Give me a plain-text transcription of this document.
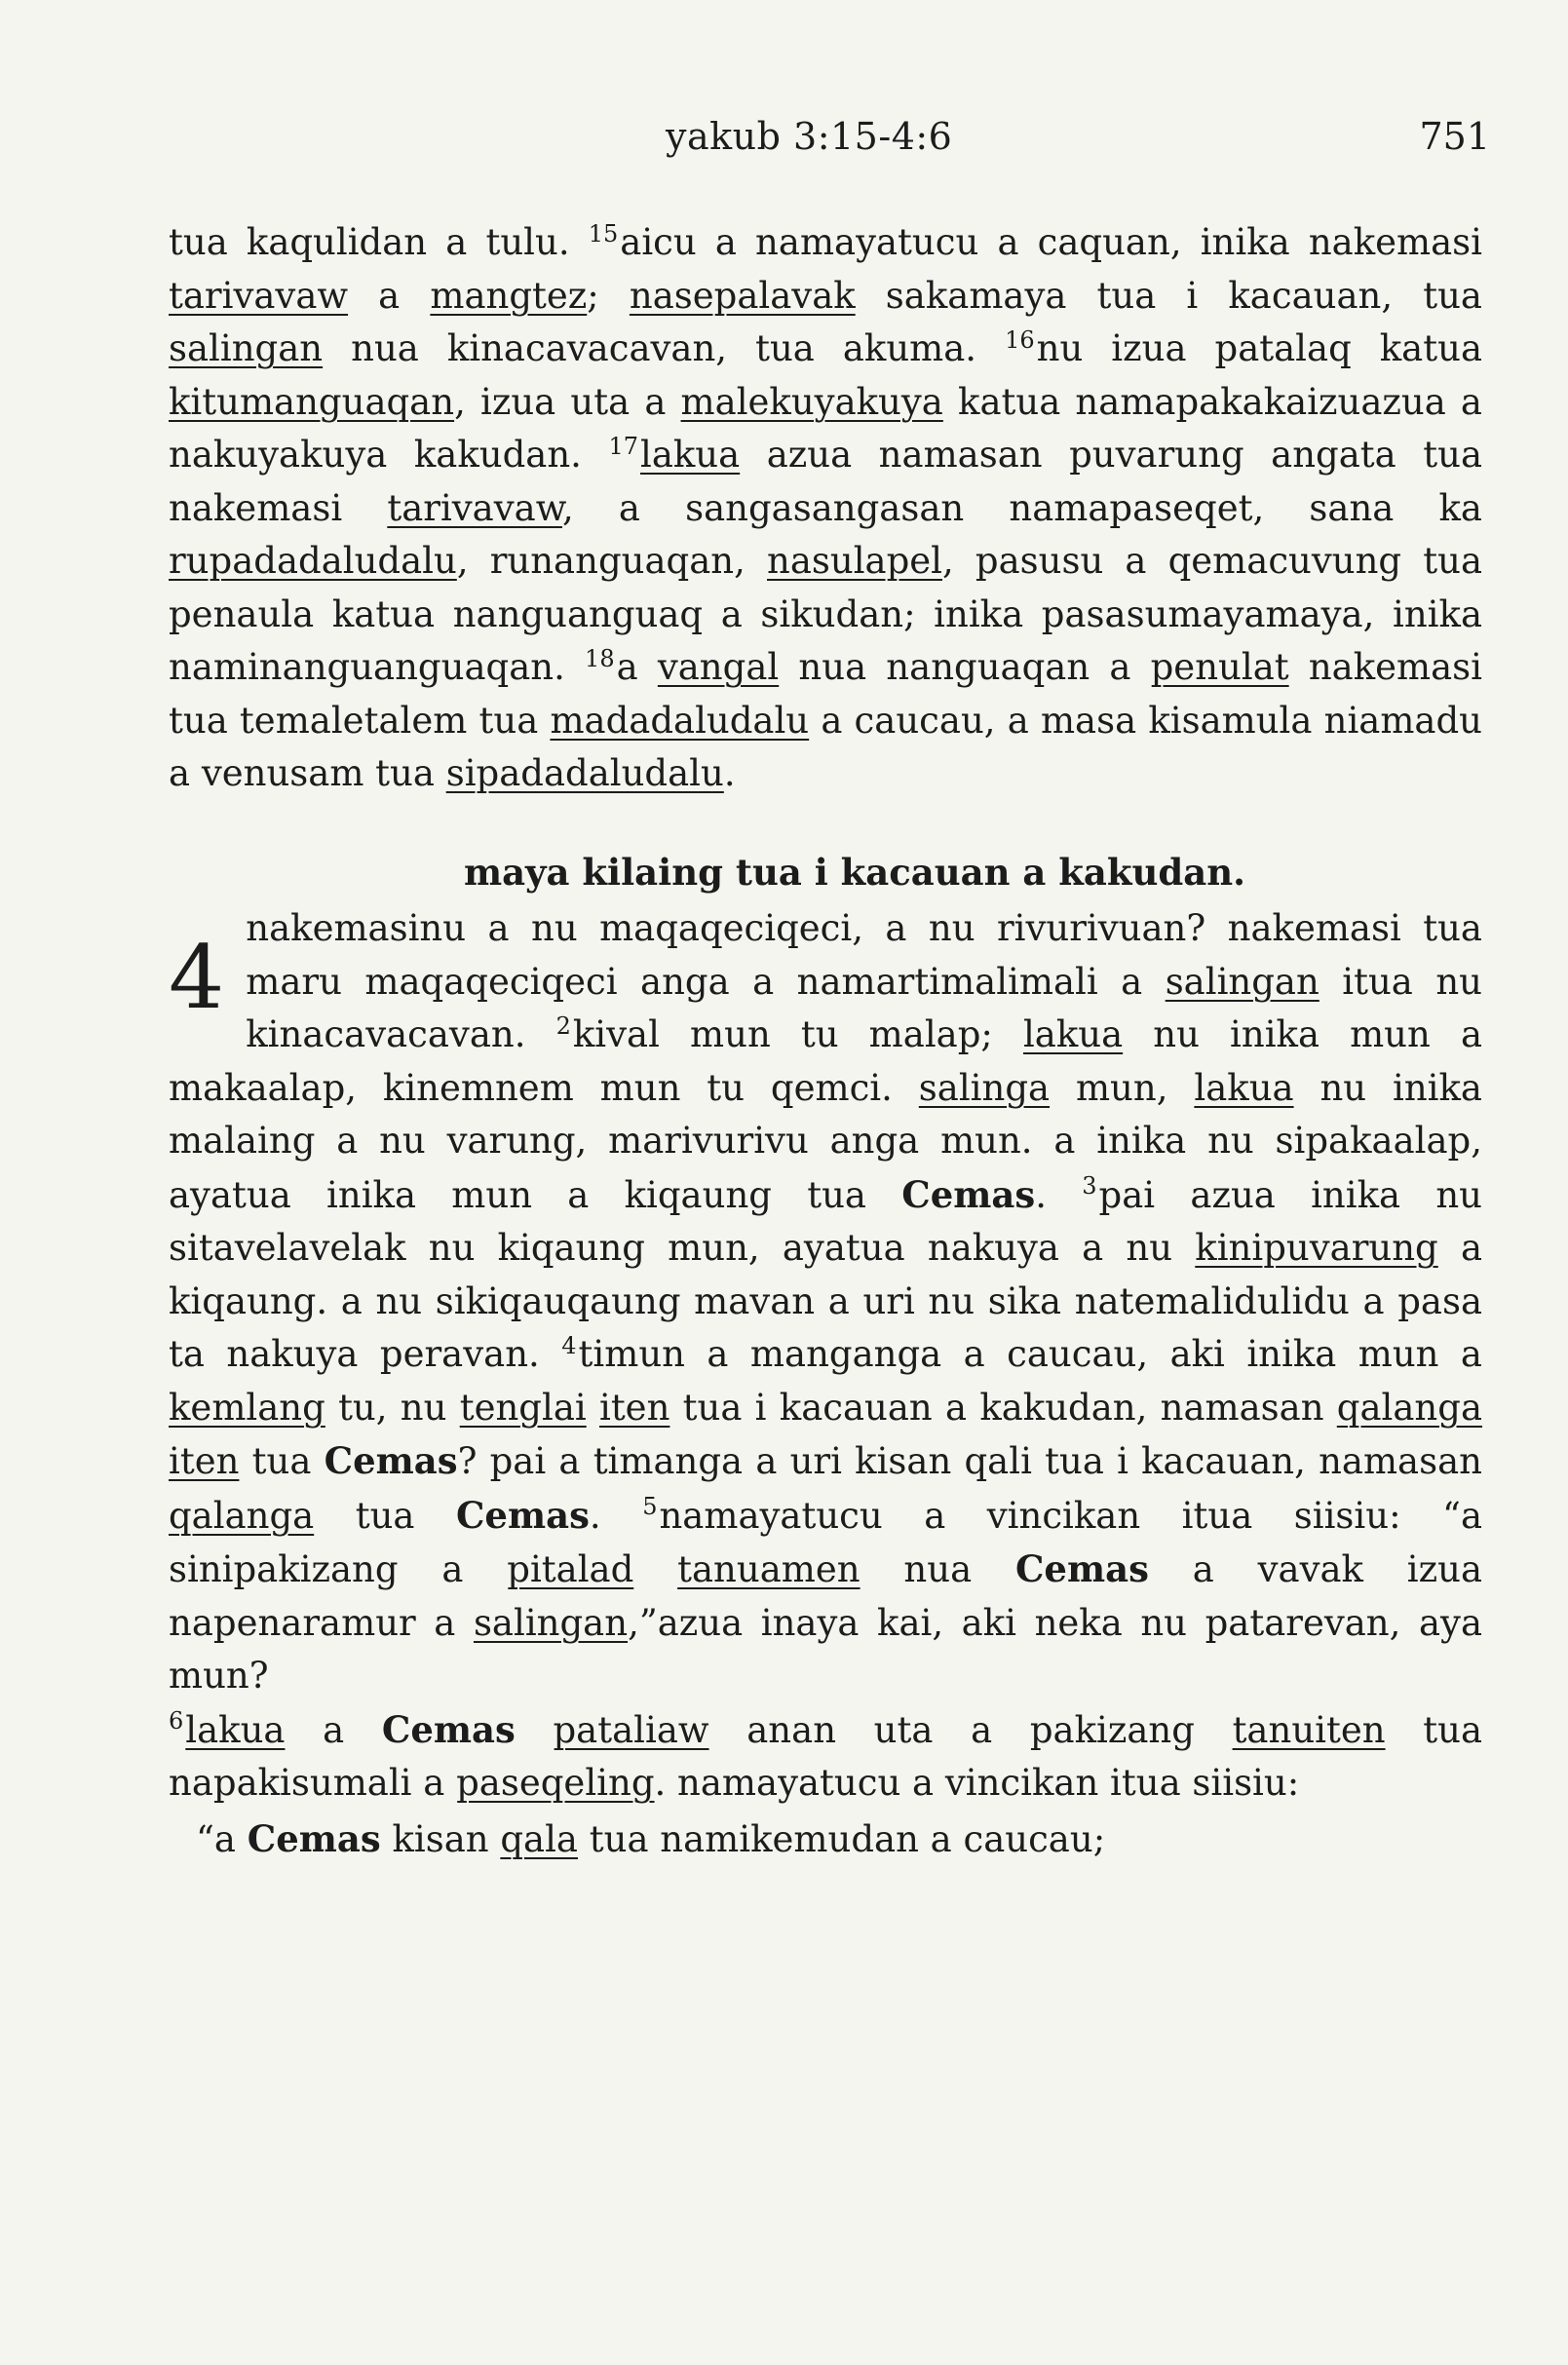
yakub 3:15-4:6	751

tua kaqulidan a tulu. $^{15}$aicu a namayatucu a caquan, inika nakemasi tarivavaw a mangtez; nasepalavak sakamaya tua i kacauan, tua salingan nua kinacavacavan, tua akuma. $^{16}$nu izua patalaq katua kitumanguaqan, izua uta a malekuyakuya katua namapakakaizuazua a nakuyakuya kakudan. $^{17}$lakua azua namasan puvarung angata tua nakemasi tarivavaw, a sangasangasan namapaseqet, sana ka rupadadaludalu, runanguaqan, nasulapel, pasusu a qemacuvung tua penaula katua nanguanguaq a sikudan; inika pasasumayamaya, inika naminanguanguaqan. $^{18}$a vangal nua nanguaqan a penulat nakemasi tua temaletalem tua madadaludalu a caucau, a masa kisamula niamadu a venusam tua sipadadaludalu.

maya kilaing tua i kacauan a kakudan.

4 nakemasinu a nu maqaqeciqeci, a nu rivurivuan? nakemasi tua maru maqaqeciqeci anga a namartimalimali a salingan itua nu kinacavacavan. $^2$kival mun tu malap; lakua nu inika mun a makaalap, kinemnem mun tu qemci. salinga mun, lakua nu inika malaing a nu varung, marivurivu anga mun. a inika nu sipakaalap, ayatua inika mun a kiqaung tua Cemas. $^3$pai azua inika nu sitavelavelak nu kiqaung mun, ayatua nakuya a nu kinipuvarung a kiqaung. a nu sikiqauqaung mavan a uri nu sika natemalidulidu a pasa ta nakuya peravan. $^4$timun a manganga a caucau, aki inika mun a kemlang tu, nu tenglai iten tua i kacauan a kakudan, namasan qalanga iten tua Cemas? pai a timanga a uri kisan qali tua i kacauan, namasan qalanga tua Cemas. $^5$namayatucu a vincikan itua siisiu: “a sinipakizang a pitalad tanuamen nua Cemas a vavak izua napenaramur a salingan,”azua inaya kai, aki neka nu patarevan, aya mun?
$^6$lakua a Cemas pataliaw anan uta a pakizang tanuiten tua napakisumali a paseqeling. namayatucu a vincikan itua siisiu:

“a Cemas kisan qala tua namikemudan a caucau;
